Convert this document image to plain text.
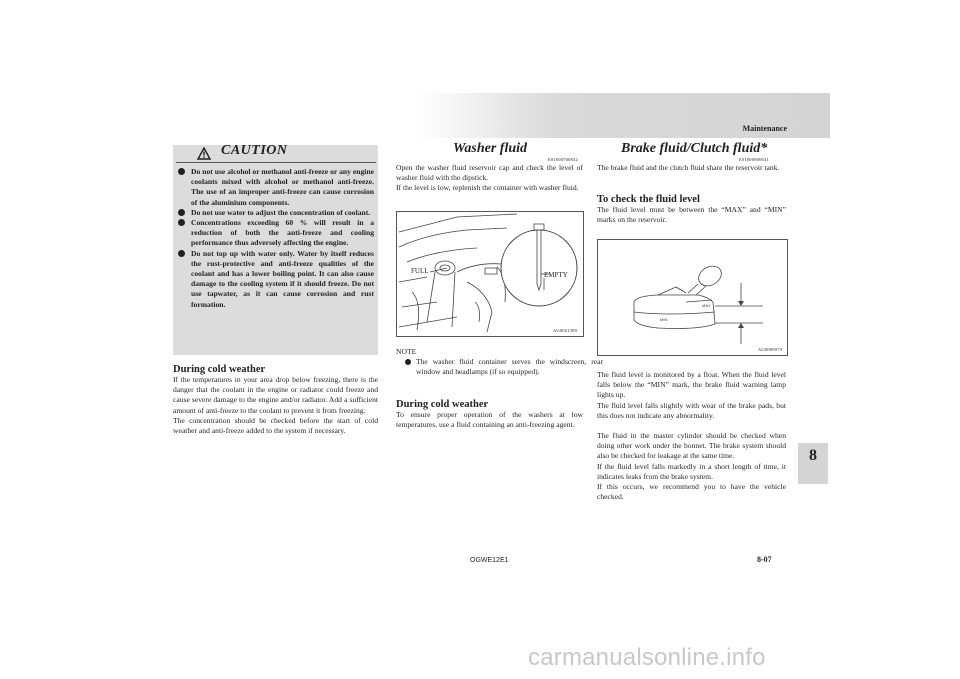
Maintenance
CAUTION
Do not use alcohol or methanol anti-freeze or any engine coolants mixed with alcohol or methanol anti-freeze. The use of an improper anti-freeze can cause corrosion of the aluminium components.
Do not use water to adjust the concentration of coolant.
Concentrations exceeding 60 % will result in a reduction of both the anti-freeze and cooling performance thus adversely affecting the engine.
Do not top up with water only. Water by itself reduces the rust-protective and anti-freeze qualities of the coolant and has a lower boiling point. It can also cause damage to the cooling system if it should freeze. Do not use tapwater, as it can cause corrosion and rust formation.
During cold weather
If the temperatures in your area drop below freezing, there is the danger that the coolant in the engine or radiator could freeze and cause severe damage to the engine and/or radiator. Add a sufficient amount of anti-freeze to the coolant to prevent it from freezing.
The concentration should be checked before the start of cold weather and anti-freeze added to the system if necessary.
Washer fluid
E01600700832
Open the washer fluid reservoir cap and check the level of washer fluid with the dipstick.
If the level is low, replenish the container with washer fluid.
FULL	EMPTY
AG0021399
NOTE
The washer fluid container serves the windscreen, rear window and headlamps (if so equipped).
During cold weather
To ensure proper operation of the washers at low temperatures, use a fluid containing an anti-freezing agent.
Brake fluid/Clutch fluid*
E01000800631
The brake fluid and the clutch fluid share the reservoir tank.
To check the fluid level
The fluid level must be between the “MAX” and “MIN” marks on the reservoir.
MAX
MIN
AG0009078
The fluid level is monitored by a float. When the fluid level falls below the “MIN” mark, the brake fluid warning lamp lights up.
The fluid level falls slightly with wear of the brake pads, but this does not indicate any abnormality.
The fluid in the master cylinder should be checked when doing other work under the bonnet. The brake system should also be checked for leakage at the same time.
If the fluid level falls markedly in a short length of time, it indicates leaks from the brake system.
If this occurs, we recommend you to have the vehicle checked.
8
OGWE12E1	8-07
carmanualsonline.info
